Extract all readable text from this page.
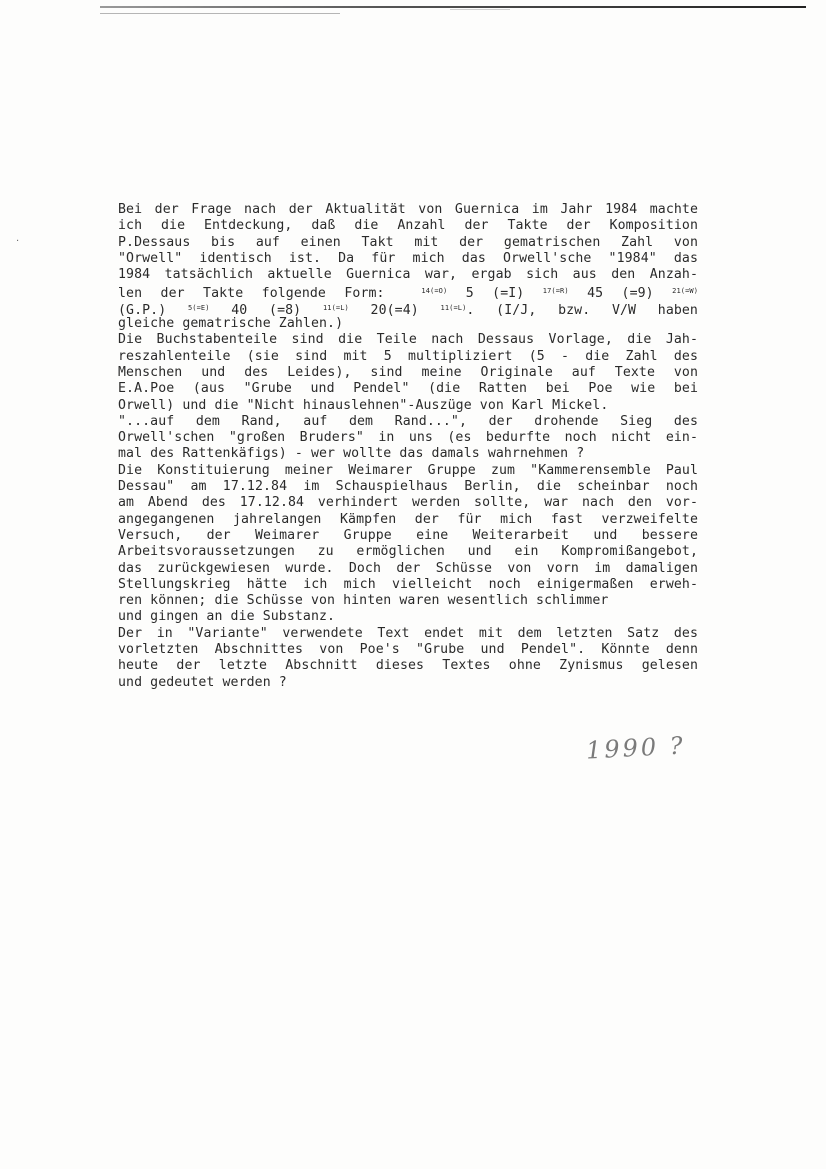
·
Bei der Frage nach der Aktualität von Guernica im Jahr 1984 machte
ich die Entdeckung, daß die Anzahl der Takte der Komposition
P.Dessaus bis auf einen Takt mit der gematrischen Zahl von
"Orwell" identisch ist. Da für mich das Orwell'sche "1984" das
1984 tatsächlich aktuelle Guernica war, ergab sich aus den Anzah-
len der Takte folgende Form:	$^{14(=O)}$ 5 (=I)	$^{17(=R)}$ 45 (=9)	$^{21(=W)}$
(G.P.)	$^{5(=E)}$ 40 (=8)	$^{11(=L)}$ 20(=4)	$^{11(=L)}$. (I/J, bzw. V/W haben
gleiche gematrische Zahlen.)
Die Buchstabenteile sind die Teile nach Dessaus Vorlage, die Jah-
reszahlenteile (sie sind mit 5 multipliziert (5 - die Zahl des
Menschen und des Leides), sind meine Originale auf Texte von
E.A.Poe (aus "Grube und Pendel" (die Ratten bei Poe wie bei
Orwell) und die "Nicht hinauslehnen"-Auszüge von Karl Mickel.
"...auf dem Rand, auf dem Rand...", der drohende Sieg des
Orwell'schen "großen Bruders" in uns (es bedurfte noch nicht ein-
mal des Rattenkäfigs) - wer wollte das damals wahrnehmen ?
Die Konstituierung meiner Weimarer Gruppe zum "Kammerensemble Paul
Dessau" am 17.12.84 im Schauspielhaus Berlin, die scheinbar noch
am Abend des 17.12.84 verhindert werden sollte, war nach den vor-
angegangenen jahrelangen Kämpfen der für mich fast verzweifelte
Versuch, der Weimarer Gruppe eine Weiterarbeit und bessere
Arbeitsvoraussetzungen zu ermöglichen und ein Kompromißangebot,
das zurückgewiesen wurde. Doch der Schüsse von vorn im damaligen
Stellungskrieg hätte ich mich vielleicht noch einigermaßen erweh-
ren können; die Schüsse von hinten waren wesentlich schlimmer
und gingen an die Substanz.
Der in "Variante" verwendete Text endet mit dem letzten Satz des
vorletzten Abschnittes von Poe's "Grube und Pendel". Könnte denn
heute der letzte Abschnitt dieses Textes ohne Zynismus gelesen
und gedeutet werden ?
1990 ?
